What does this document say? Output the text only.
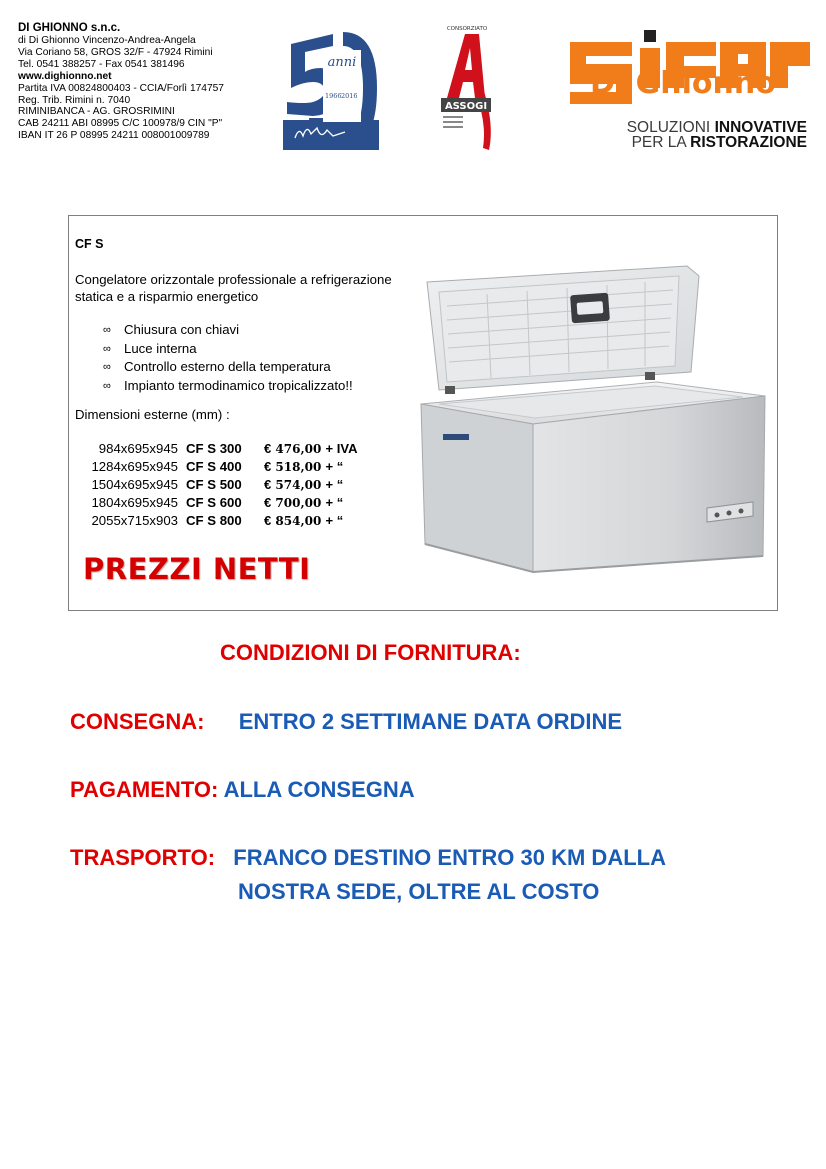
DI GHIONNO s.n.c.
di Di Ghionno Vincenzo-Andrea-Angela
Via Coriano 58, GROS 32/F - 47924 Rimini
Tel. 0541 388257 - Fax 0541 381496
www.dighionno.net
Partita IVA 00824800403 - CCIA/Forlì 174757
Reg. Trib. Rimini n. 7040
RIMINIBANCA - AG. GROSRIMINI
CAB 24211 ABI 08995 C/C 100978/9 CIN "P"
IBAN IT 26 P 08995 24211 008001009789
anni
1966 2016
CONSORZIATO
ASSOGI
Di Ghionno
SOLUZIONI INNOVATIVE
PER LA RISTORAZIONE
CF S
Congelatore orizzontale professionale a refrigerazione statica e a risparmio energetico
∞ Chiusura con chiavi
∞ Luce interna
∞ Controllo esterno della temperatura
∞ Impianto termodinamico tropicalizzato!!
Dimensioni esterne (mm) :
984x695x945 CF S 300	€ 476,00 + IVA
1284x695x945 CF S 400	€ 518,00 + “
1504x695x945 CF S 500	€ 574,00 + “
1804x695x945 CF S 600	€ 700,00 + “
2055x715x903 CF S 800	€ 854,00 + “
PREZZI NETTI
CONDIZIONI DI FORNITURA:
CONSEGNA: ENTRO 2 SETTIMANE DATA ORDINE
PAGAMENTO: ALLA CONSEGNA
TRASPORTO: FRANCO DESTINO ENTRO 30 KM DALLA
NOSTRA SEDE, OLTRE AL COSTO
